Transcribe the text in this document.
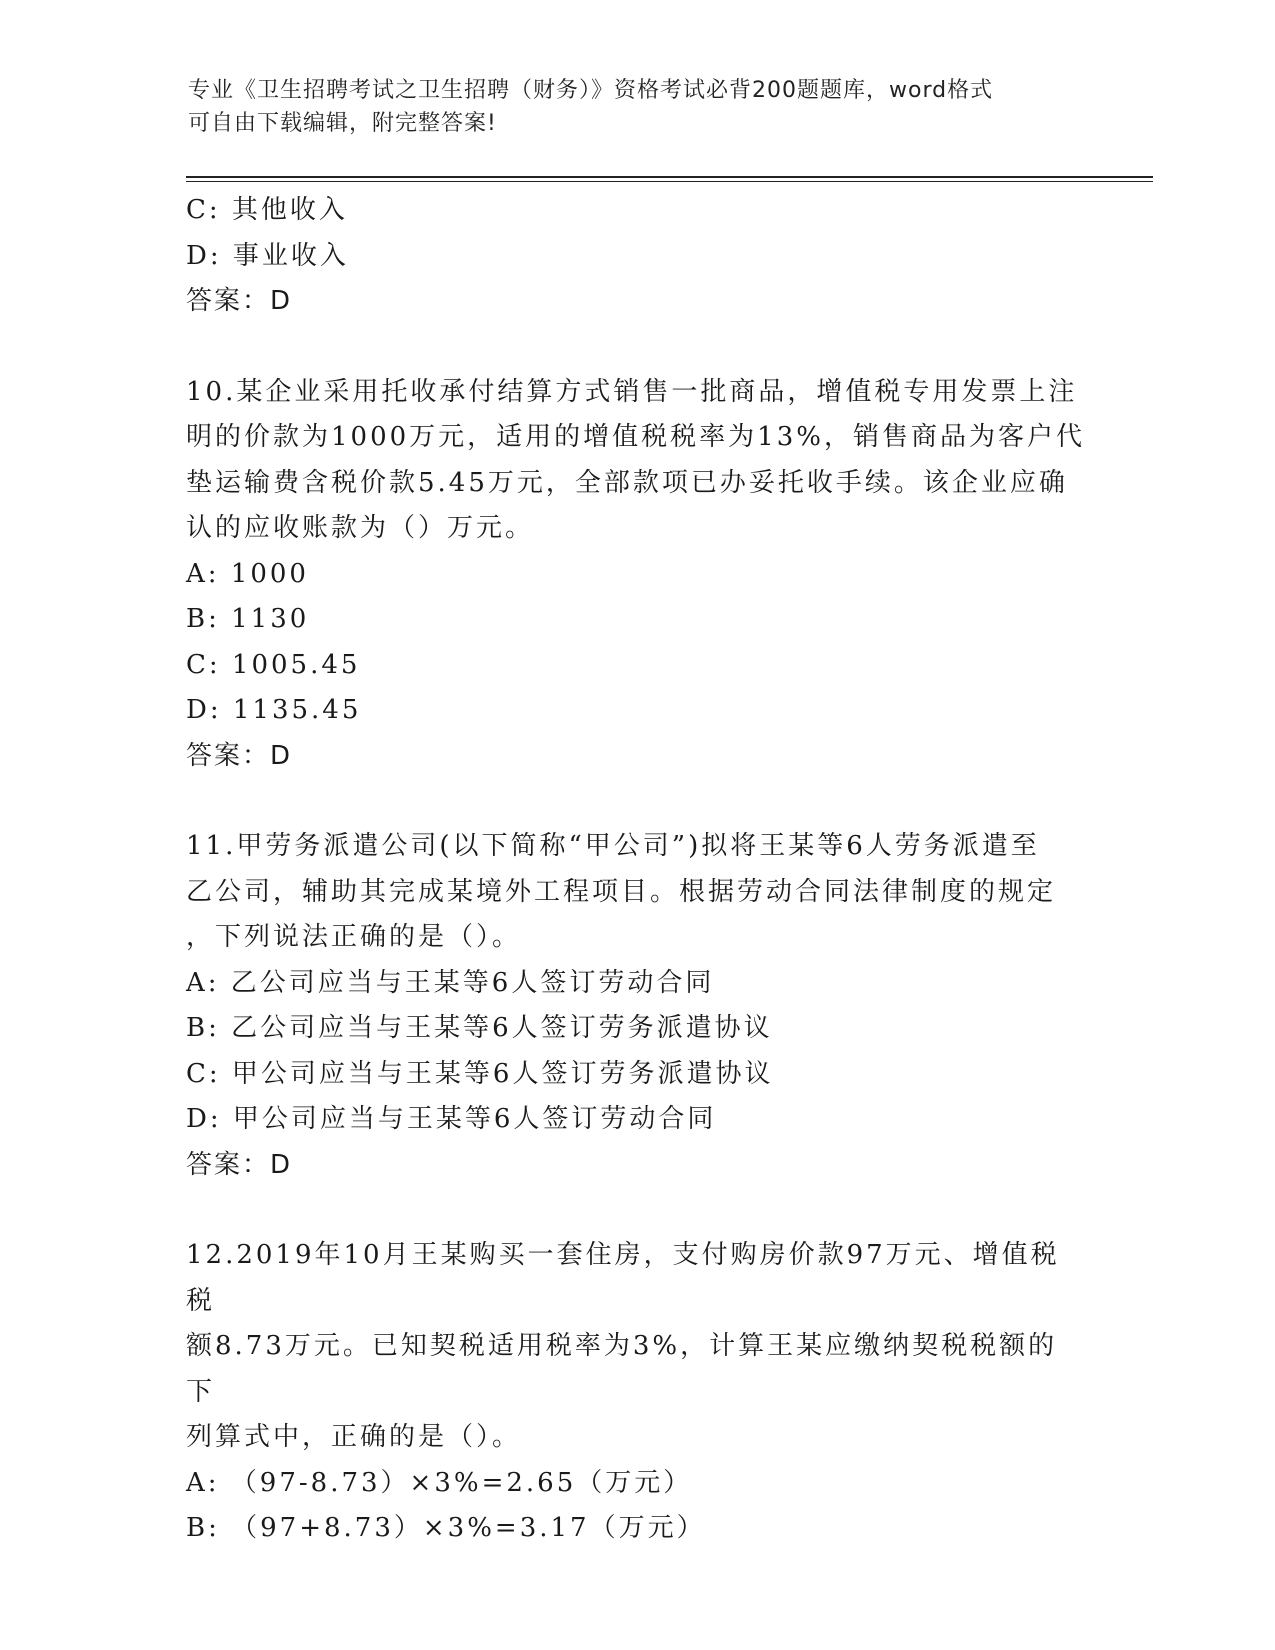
专业《卫生招聘考试之卫生招聘（财务）》资格考试必背200题题库，word格式
可自由下载编辑，附完整答案!
C: 其他收入
D: 事业收入
答案：D
10.某企业采用托收承付结算方式销售一批商品，增值税专用发票上注
明的价款为1000万元，适用的增值税税率为13%，销售商品为客户代
垫运输费含税价款5.45万元，全部款项已办妥托收手续。该企业应确
认的应收账款为（）万元。
A: 1000
B: 1130
C: 1005.45
D: 1135.45
答案：D
11.甲劳务派遣公司(以下简称“甲公司”)拟将王某等6人劳务派遣至
乙公司，辅助其完成某境外工程项目。根据劳动合同法律制度的规定
，下列说法正确的是（）。
A: 乙公司应当与王某等6人签订劳动合同
B: 乙公司应当与王某等6人签订劳务派遣协议
C: 甲公司应当与王某等6人签订劳务派遣协议
D: 甲公司应当与王某等6人签订劳动合同
答案：D
12.2019年10月王某购买一套住房，支付购房价款97万元、增值税税
额8.73万元。已知契税适用税率为3%，计算王某应缴纳契税税额的下
列算式中，正确的是（）。
A: （97-8.73）×3%=2.65（万元）
B: （97+8.73）×3%=3.17（万元）
